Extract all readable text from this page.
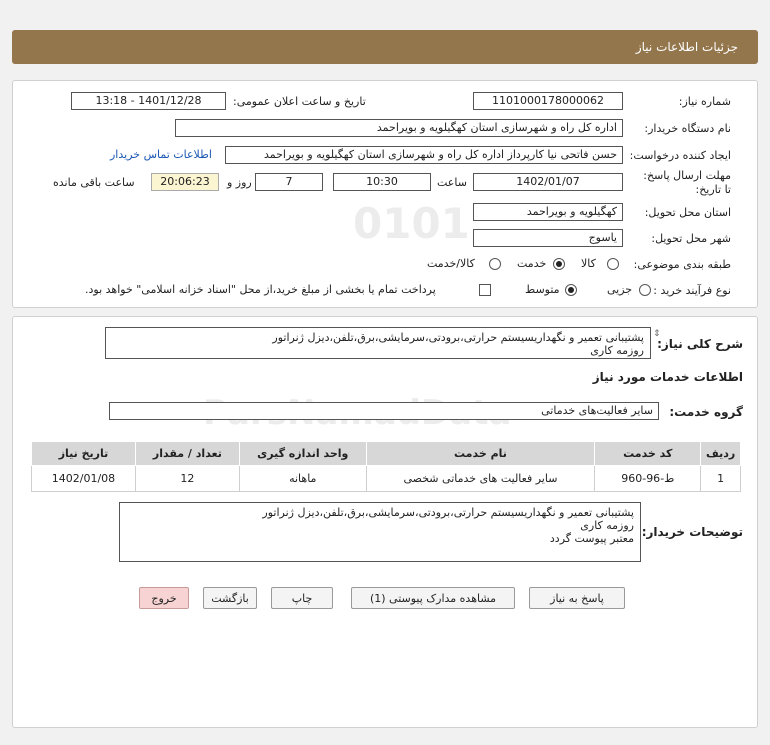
جزئیات اطلاعات نیاز
0101
شماره نیاز:
1101000178000062
تاریخ و ساعت اعلان عمومی:
1401/12/28 - 13:18
نام دستگاه خریدار:
اداره کل راه و شهرسازی استان کهگیلویه و بویراحمد
ایجاد کننده درخواست:
حسن فاتحی نیا کارپرداز اداره کل راه و شهرسازی استان کهگیلویه و بویراحمد
اطلاعات تماس خریدار
مهلت ارسال پاسخ: تا تاریخ:
1402/01/07
ساعت
10:30
7
روز و
20:06:23
ساعت باقی مانده
استان محل تحویل:
کهگیلویه و بویراحمد
شهر محل تحویل:
یاسوج
طبقه بندی موضوعی:
کالا
خدمت
کالا/خدمت
نوع فرآیند خرید :
جزیی
متوسط
پرداخت تمام یا بخشی از مبلغ خرید،از محل "اسناد خزانه اسلامی" خواهد بود.
شرح کلی نیاز:
پشتیبانی تعمیر و نگهداریسیستم حرارتی،برودتی،سرمایشی،برق،تلفن،دیزل ژنراتور
روزمه کاری
⇕
اطلاعات خدمات مورد نیاز
گروه خدمت:
سایر فعالیت‌های خدماتی
ردیف	کد خدمت	نام خدمت	واحد اندازه گیری	تعداد / مقدار	تاریخ نیاز
1	ط-96-960	سایر فعالیت های خدماتی شخصی	ماهانه	12	1402/01/08
توضیحات خریدار:
پشتیبانی تعمیر و نگهداریسیستم حرارتی،برودتی،سرمایشی،برق،تلفن،دیزل ژنراتور
روزمه کاری
معتبر پیوست گردد
پاسخ به نیاز
مشاهده مدارک پیوستی (1)
چاپ
بازگشت
خروج
